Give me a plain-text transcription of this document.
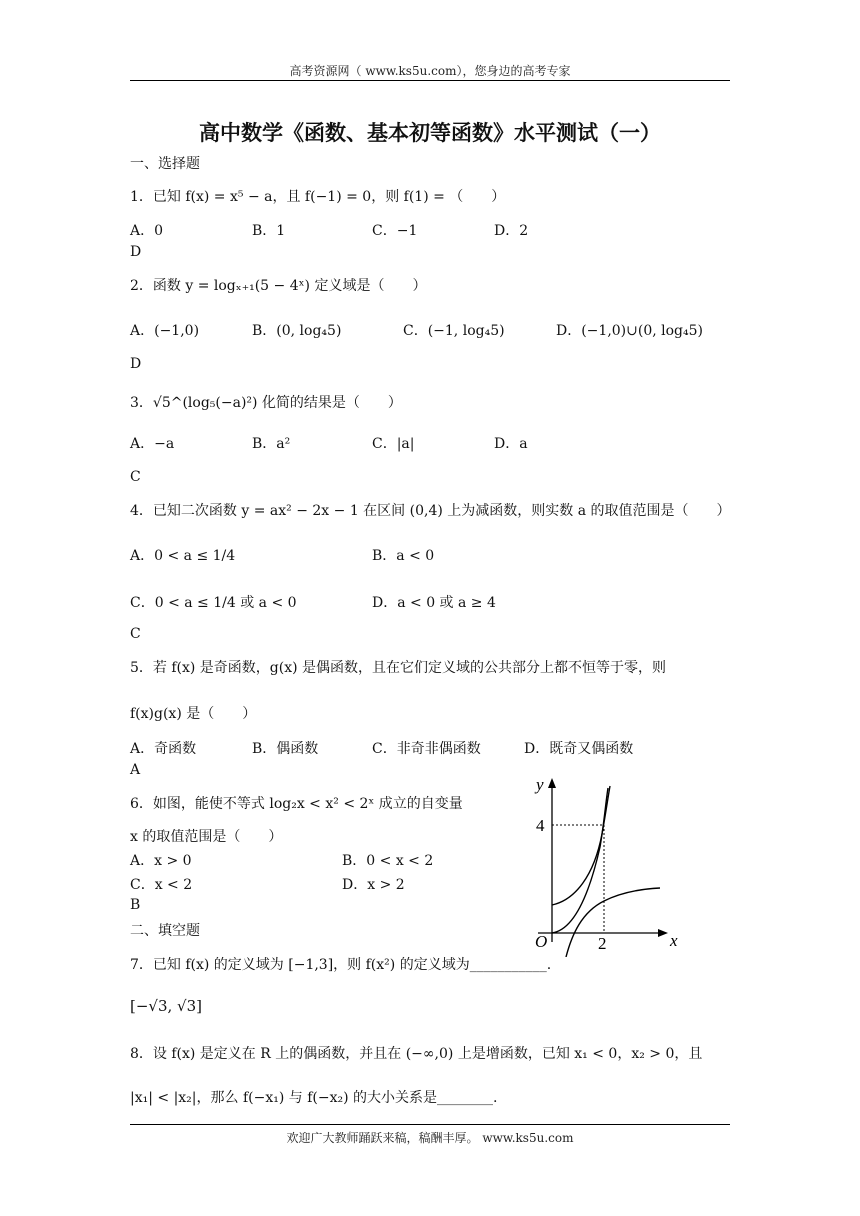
高考资源网（ www.ks5u.com），您身边的高考专家
高中数学《函数、基本初等函数》水平测试（一）
一、选择题
1．已知 f(x) = x⁵ − a，且 f(−1) = 0，则 f(1) = （　　）
A．0	B．1	C．−1	D．2
D
2．函数 y = logₓ₊₁(5 − 4ˣ) 定义域是（　　）
A．(−1,0)	B．(0, log₄5)	C．(−1, log₄5)	D．(−1,0)∪(0, log₄5)
D
3．√5^(log₅(−a)²) 化简的结果是（　　）
A．−a	B．a²	C．|a|	D．a
C
4．已知二次函数 y = ax² − 2x − 1 在区间 (0,4) 上为减函数，则实数 a 的取值范围是（　　）
A．0 < a ≤ 1/4	B．a < 0
C．0 < a ≤ 1/4 或 a < 0	D．a < 0 或 a ≥ 4
C
5．若 f(x) 是奇函数，g(x) 是偶函数，且在它们定义域的公共部分上都不恒等于零，则
f(x)g(x) 是（　　）
A．奇函数	B．偶函数	C．非奇非偶函数	D．既奇又偶函数
A
6．如图，能使不等式 log₂x < x² < 2ˣ 成立的自变量
x 的取值范围是（　　）
A．x > 0	B．0 < x < 2
C．x < 2	D．x > 2
B
y
x
O
4
2
二、填空题
7．已知 f(x) 的定义域为 [−1,3]，则 f(x²) 的定义域为___________.
[−√3, √3]
8．设 f(x) 是定义在 R 上的偶函数，并且在 (−∞,0) 上是增函数，已知 x₁ < 0，x₂ > 0，且
|x₁| < |x₂|，那么 f(−x₁) 与 f(−x₂) 的大小关系是________.
欢迎广大教师踊跃来稿，稿酬丰厚。 www.ks5u.com
